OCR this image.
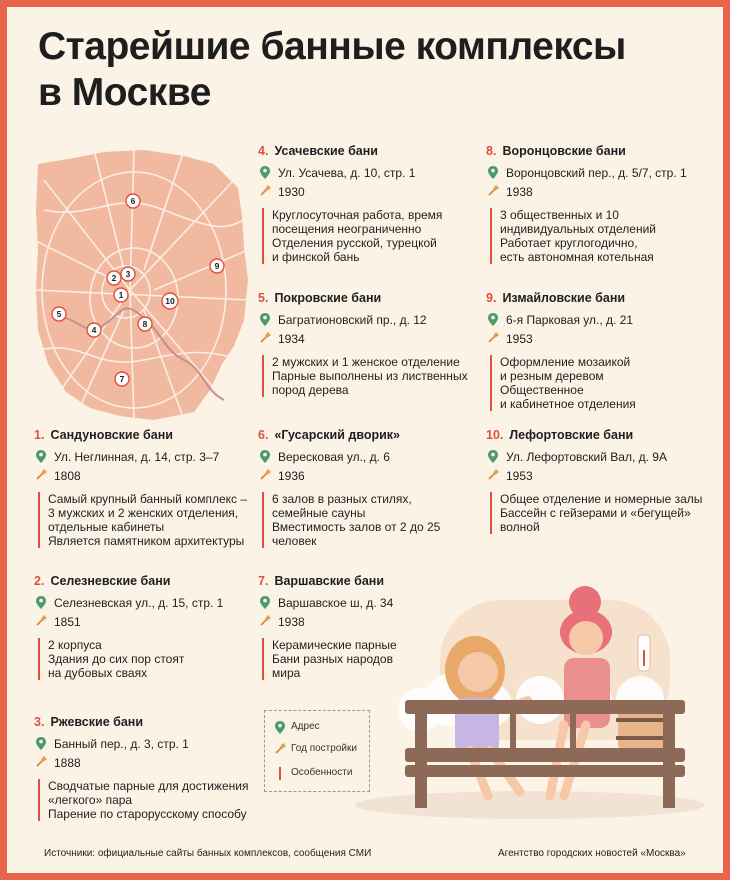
Старейшие банные комплексы
в Москве
1
2 3
4
5
6
7
8
9
10
1. Сандуновские бани
Ул. Неглинная, д. 14, стр. 3–7
1808
Самый крупный банный комплекс –
3 мужских и 2 женских отделения,
отдельные кабинеты
Является памятником архитектуры
2. Селезневские бани
Селезневская ул., д. 15, стр. 1
1851
2 корпуса
Здания до сих пор стоят
на дубовых сваях
3. Ржевские бани
Банный пер., д. 3, стр. 1
1888
Сводчатые парные для достижения
«легкого» пара
Парение по старорусскому способу
4. Усачевские бани
Ул. Усачева, д. 10, стр. 1
1930
Круглосуточная работа, время
посещения неограниченно
Отделения русской, турецкой
и финской бань
5. Покровские бани
Багратионовский пр., д. 12
1934
2 мужских и 1 женское отделение
Парные выполнены из лиственных
пород дерева
6. «Гусарский дворик»
Вересковая ул., д. 6
1936
6 залов в разных стилях,
семейные сауны
Вместимость залов от 2 до 25
человек
7. Варшавские бани
Варшавское ш, д. 34
1938
Керамические парные
Бани разных народов
мира
8. Воронцовские бани
Воронцовский пер., д. 5/7, стр. 1
1938
3 общественных и 10
индивидуальных отделений
Работает круглогодично,
есть автономная котельная
9. Измайловские бани
6-я Парковая ул., д. 21
1953
Оформление мозаикой
и резным деревом
Общественное
и кабинетное отделения
10. Лефортовские бани
Ул. Лефортовский Вал, д. 9А
1953
Общее отделение и номерные залы
Бассейн с гейзерами и «бегущей»
волной
Адрес
Год постройки
Особенности
Источники: официальные сайты банных комплексов, сообщения СМИ	Агентство городских новостей «Москва»
